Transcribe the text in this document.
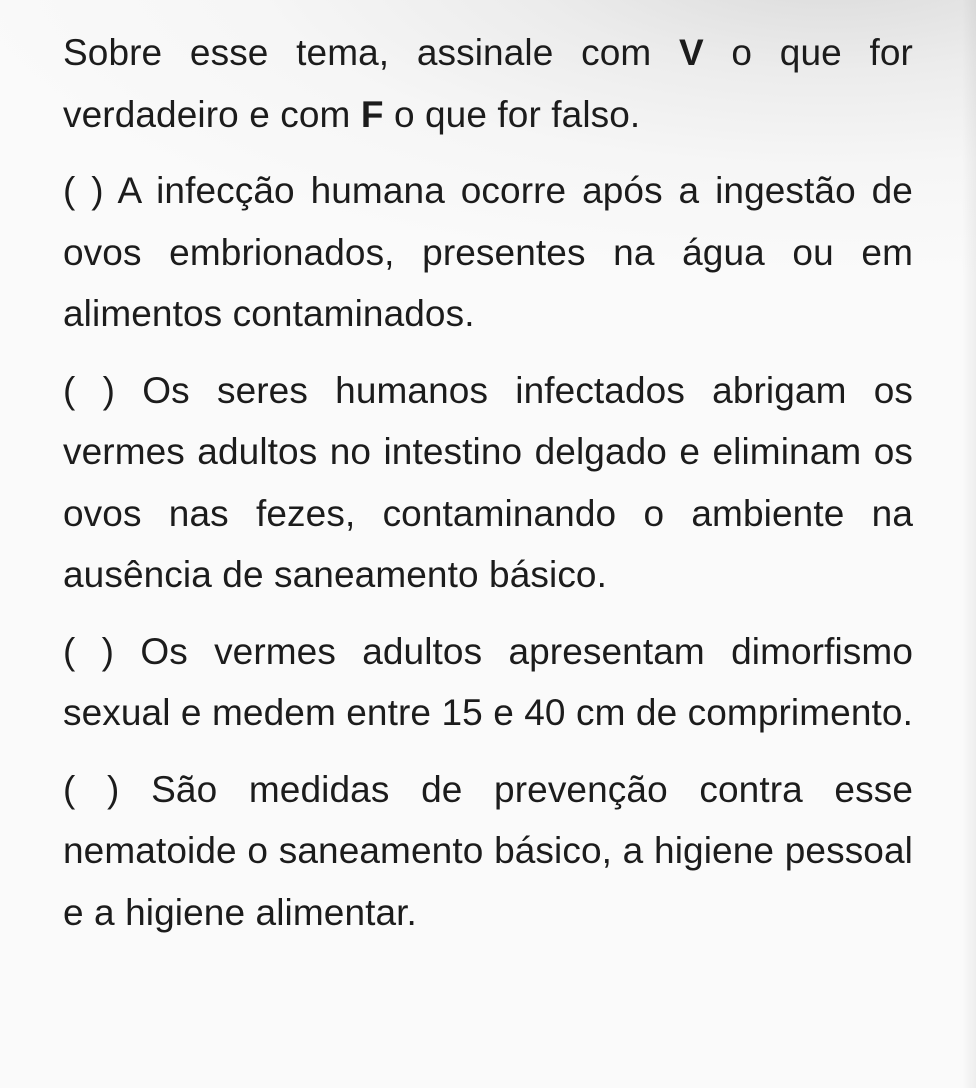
Sobre esse tema, assinale com V o que for verdadeiro e com F o que for falso.

( ) A infecção humana ocorre após a ingestão de ovos embrionados, presentes na água ou em alimentos contaminados.

( ) Os seres humanos infectados abrigam os vermes adultos no intestino delgado e eliminam os ovos nas fezes, contaminando o ambiente na ausência de saneamento básico.

( ) Os vermes adultos apresentam dimorfismo sexual e medem entre 15 e 40 cm de comprimento.

( ) São medidas de prevenção contra esse nematoide o saneamento básico, a higiene pessoal e a higiene alimentar.
